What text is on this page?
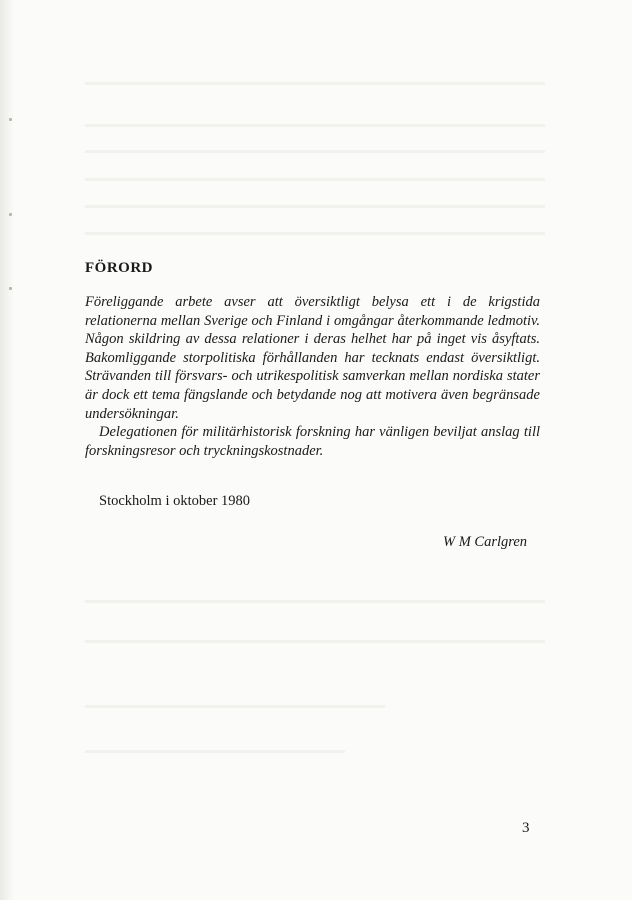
FÖRORD

Föreliggande arbete avser att översiktligt belysa ett i de krigstida relationerna mellan Sverige och Finland i omgångar återkommande ledmotiv. Någon skildring av dessa relationer i deras helhet har på inget vis åsyftats. Bakomliggande storpolitiska förhållanden har tecknats endast översiktligt. Strävanden till försvars- och utrikespolitisk samverkan mellan nordiska stater är dock ett tema fängslande och betydande nog att motivera även begränsade undersökningar.

Delegationen för militärhistorisk forskning har vänligen beviljat anslag till forskningsresor och tryckningskostnader.

Stockholm i oktober 1980
W M Carlgren
3
